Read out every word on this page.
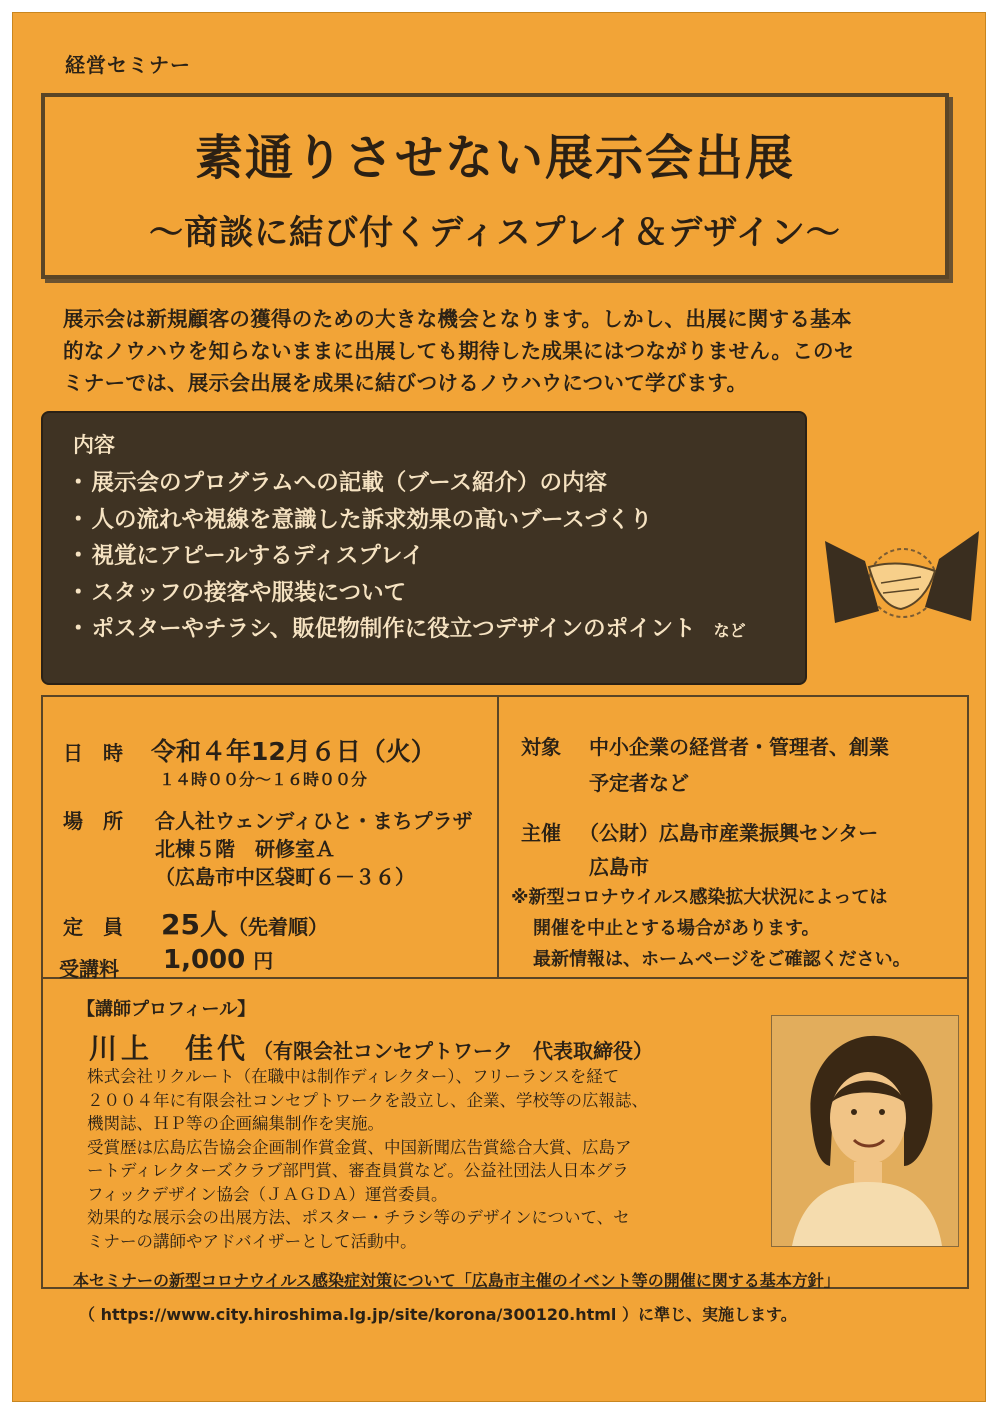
経営セミナー
素通りさせない展示会出展
～商談に結び付くディスプレイ＆デザイン～
展示会は新規顧客の獲得のための大きな機会となります。しかし、出展に関する基本
的なノウハウを知らないままに出展しても期待した成果にはつながりません。このセ
ミナーでは、展示会出展を成果に結びつけるノウハウについて学びます。
内容
・展示会のプログラムへの記載（ブース紹介）の内容
・人の流れや視線を意識した訴求効果の高いブースづくり
・視覚にアピールするディスプレイ
・スタッフの接客や服装について
・ポスターやチラシ、販促物制作に役立つデザインのポイント など
日　時 令和４年12月６日（火）
１４時００分～１６時００分
場　所 合人社ウェンディひと・まちプラザ
北棟５階　研修室Ａ
（広島市中区袋町６－３６）
定　員 25人（先着順）
受講料 1,000 円
対象 中小企業の経営者・管理者、創業
予定者など
主催 （公財）広島市産業振興センター
広島市
※新型コロナウイルス感染拡大状況によっては
開催を中止とする場合があります。
最新情報は、ホームページをご確認ください。
【講師プロフィール】
川上　佳代 （有限会社コンセプトワーク　代表取締役）

株式会社リクルート（在職中は制作ディレクター）、フリーランスを経て

２００４年に有限会社コンセプトワークを設立し、企業、学校等の広報誌、

機関誌、ＨＰ等の企画編集制作を実施。

受賞歴は広島広告協会企画制作賞金賞、中国新聞広告賞総合大賞、広島ア

ートディレクターズクラブ部門賞、審査員賞など。公益社団法人日本グラ

フィックデザイン協会（ＪＡＧＤＡ）運営委員。

効果的な展示会の出展方法、ポスター・チラシ等のデザインについて、セ

ミナーの講師やアドバイザーとして活動中。

本セミナーの新型コロナウイルス感染症対策について「広島市主催のイベント等の開催に関する基本方針」
（ https://www.city.hiroshima.lg.jp/site/korona/300120.html ）に準じ、実施します。
